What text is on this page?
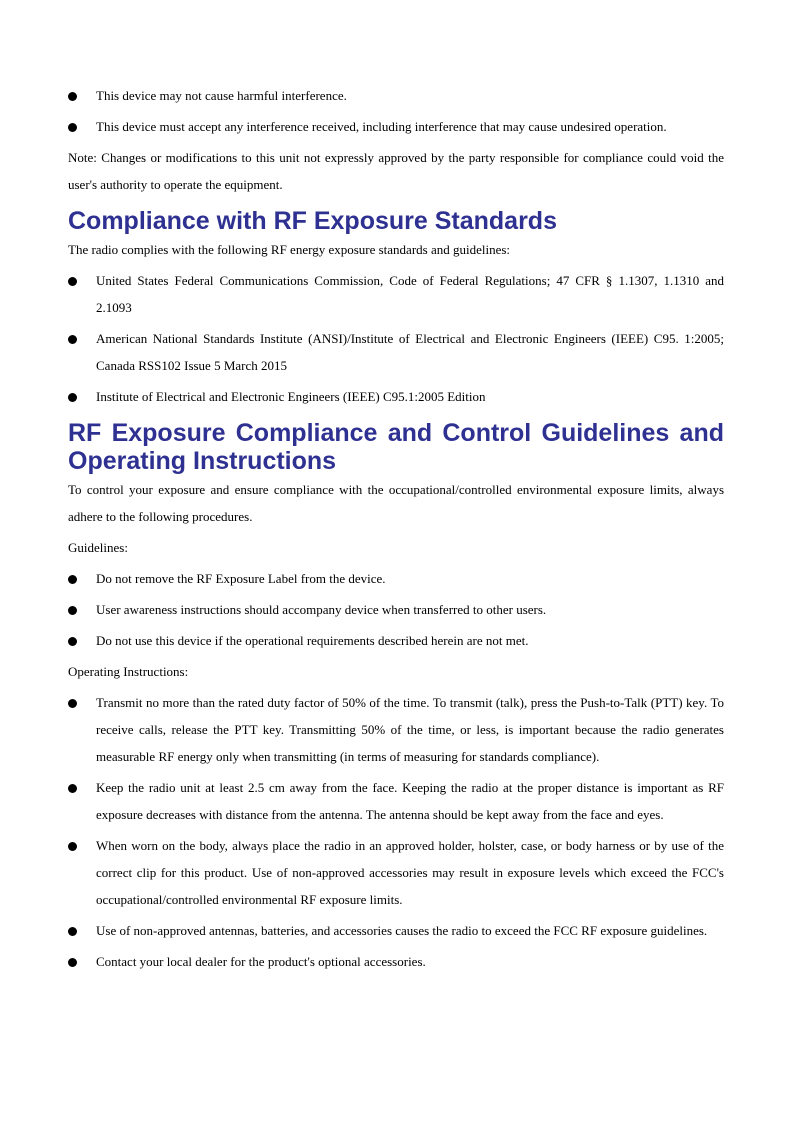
This device may not cause harmful interference.
This device must accept any interference received, including interference that may cause undesired operation.

Note: Changes or modifications to this unit not expressly approved by the party responsible for compliance could void the user's authority to operate the equipment.

Compliance with RF Exposure Standards

The radio complies with the following RF energy exposure standards and guidelines:

United States Federal Communications Commission, Code of Federal Regulations; 47 CFR § 1.1307, 1.1310 and 2.1093
American National Standards Institute (ANSI)/Institute of Electrical and Electronic Engineers (IEEE) C95. 1:2005; Canada RSS102 Issue 5 March 2015
Institute of Electrical and Electronic Engineers (IEEE) C95.1:2005 Edition
RF Exposure Compliance and Control Guidelines and Operating Instructions

To control your exposure and ensure compliance with the occupational/controlled environmental exposure limits, always adhere to the following procedures.

Guidelines:

Do not remove the RF Exposure Label from the device.
User awareness instructions should accompany device when transferred to other users.
Do not use this device if the operational requirements described herein are not met.

Operating Instructions:

Transmit no more than the rated duty factor of 50% of the time. To transmit (talk), press the Push-to-Talk (PTT) key. To receive calls, release the PTT key. Transmitting 50% of the time, or less, is important because the radio generates measurable RF energy only when transmitting (in terms of measuring for standards compliance).
Keep the radio unit at least 2.5 cm away from the face. Keeping the radio at the proper distance is important as RF exposure decreases with distance from the antenna. The antenna should be kept away from the face and eyes.
When worn on the body, always place the radio in an approved holder, holster, case, or body harness or by use of the correct clip for this product. Use of non-approved accessories may result in exposure levels which exceed the FCC's occupational/controlled environmental RF exposure limits.
Use of non-approved antennas, batteries, and accessories causes the radio to exceed the FCC RF exposure guidelines.
Contact your local dealer for the product's optional accessories.
